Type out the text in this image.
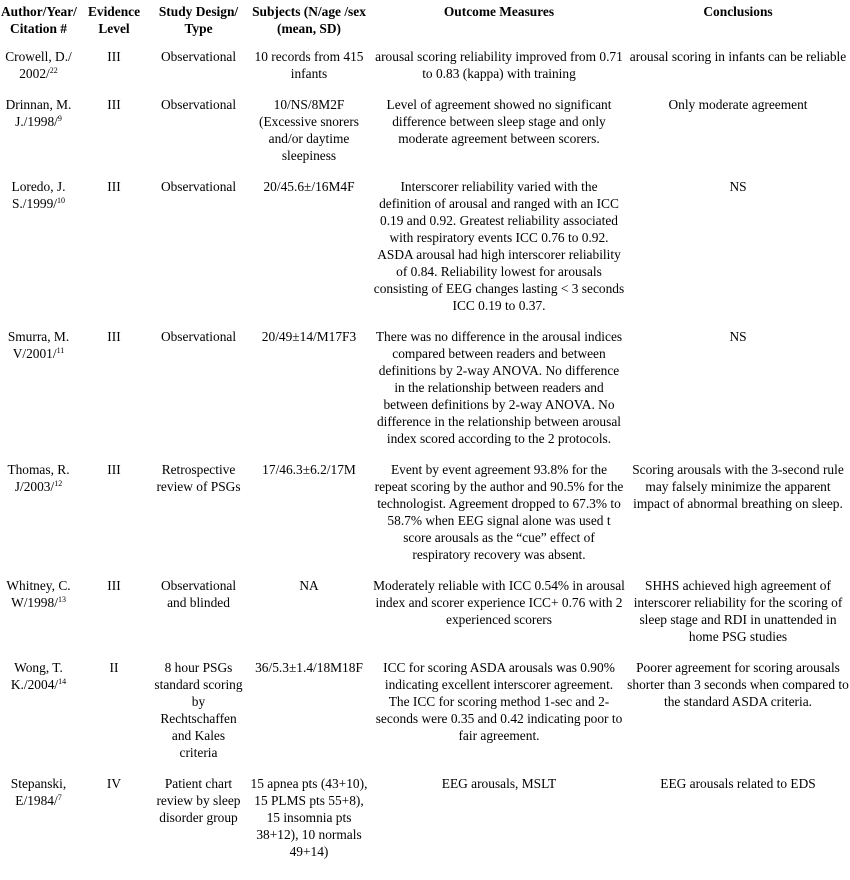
Author/Year/ Citation #	Evidence Level	Study Design/ Type	Subjects (N/age /sex (mean, SD)	Outcome Measures	Conclusions
Crowell, D./ 2002/$^{22}$	III	Observational	10 records from 415 infants	arousal scoring reliability improved from 0.71 to 0.83 (kappa) with training	arousal scoring in infants can be reliable
Drinnan, M. J./1998/$^9$	III	Observational	10/NS/8M2F (Excessive snorers and/or daytime sleepiness	Level of agreement showed no significant difference between sleep stage and only moderate agreement between scorers.	Only moderate agreement
Loredo, J. S./1999/$^{10}$	III	Observational	20/45.6±/16M4F	Interscorer reliability varied with the definition of arousal and ranged with an ICC 0.19 and 0.92. Greatest reliability associated with respiratory events ICC 0.76 to 0.92. ASDA arousal had high interscorer reliability of 0.84. Reliability lowest for arousals consisting of EEG changes lasting < 3 seconds ICC 0.19 to 0.37.	NS
Smurra, M. V/2001/$^{11}$	III	Observational	20/49±14/M17F3	There was no difference in the arousal indices compared between readers and between definitions by 2-way ANOVA. No difference in the relationship between readers and between definitions by 2-way ANOVA. No difference in the relationship between arousal index scored according to the 2 protocols.	NS
Thomas, R. J/2003/$^{12}$	III	Retrospective review of PSGs	17/46.3±6.2/17M	Event by event agreement 93.8% for the repeat scoring by the author and 90.5% for the technologist. Agreement dropped to 67.3% to 58.7% when EEG signal alone was used t score arousals as the “cue” effect of respiratory recovery was absent.	Scoring arousals with the 3-second rule may falsely minimize the apparent impact of abnormal breathing on sleep.
Whitney, C. W/1998/$^{13}$	III	Observational and blinded	NA	Moderately reliable with ICC 0.54% in arousal index and scorer experience ICC+ 0.76 with 2 experienced scorers	SHHS achieved high agreement of interscorer reliability for the scoring of sleep stage and RDI in unattended in home PSG studies
Wong, T. K./2004/$^{14}$	II	8 hour PSGs standard scoring by Rechtschaffen and Kales criteria	36/5.3±1.4/18M18F	ICC for scoring ASDA arousals was 0.90% indicating excellent interscorer agreement. The ICC for scoring method 1-sec and 2-seconds were 0.35 and 0.42 indicating poor to fair agreement.	Poorer agreement for scoring arousals shorter than 3 seconds when compared to the standard ASDA criteria.
Stepanski, E/1984/$^7$	IV	Patient chart review by sleep disorder group	15 apnea pts (43+10), 15 PLMS pts 55+8), 15 insomnia pts 38+12), 10 normals 49+14)	EEG arousals, MSLT	EEG arousals related to EDS
